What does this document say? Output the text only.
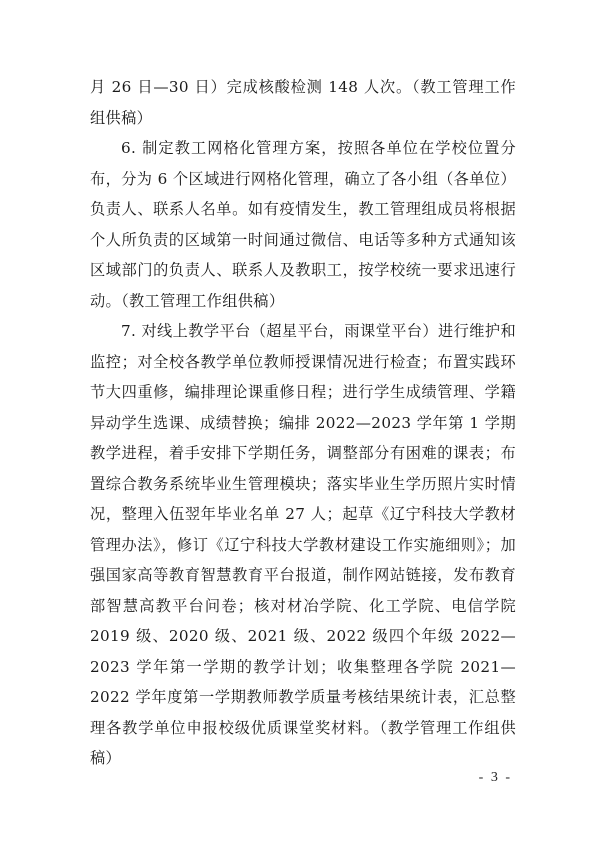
月 26 日—30 日）完成核酸检测 148 人次。（教工管理工作组供稿）

6. 制定教工网格化管理方案，按照各单位在学校位置分布，分为 6 个区域进行网格化管理，确立了各小组（各单位）负责人、联系人名单。如有疫情发生，教工管理组成员将根据个人所负责的区域第一时间通过微信、电话等多种方式通知该区域部门的负责人、联系人及教职工，按学校统一要求迅速行动。（教工管理工作组供稿）

7. 对线上教学平台（超星平台，雨课堂平台）进行维护和监控；对全校各教学单位教师授课情况进行检查；布置实践环节大四重修，编排理论课重修日程；进行学生成绩管理、学籍异动学生选课、成绩替换；编排 2022—2023 学年第 1 学期教学进程，着手安排下学期任务，调整部分有困难的课表；布置综合教务系统毕业生管理模块；落实毕业生学历照片实时情况，整理入伍翌年毕业名单 27 人；起草《辽宁科技大学教材管理办法》，修订《辽宁科技大学教材建设工作实施细则》；加强国家高等教育智慧教育平台报道，制作网站链接，发布教育部智慧高教平台问卷；核对材冶学院、化工学院、电信学院 2019 级、2020 级、2021 级、2022 级四个年级 2022—2023 学年第一学期的教学计划；收集整理各学院 2021—2022 学年度第一学期教师教学质量考核结果统计表，汇总整理各教学单位申报校级优质课堂奖材料。（教学管理工作组供稿）

- 3 -
